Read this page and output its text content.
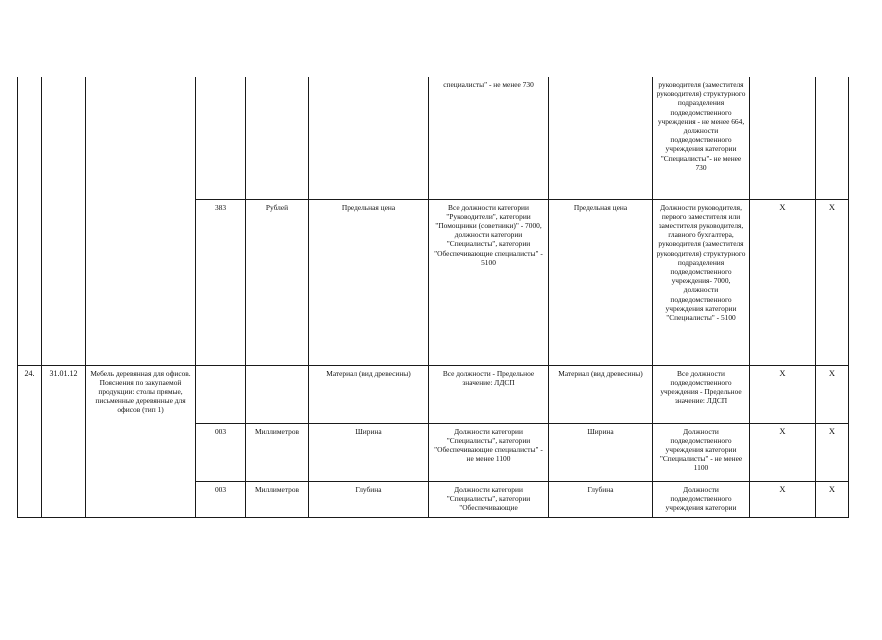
						специалисты" - не менее 730		руководителя (заместителя руководителя) структурного подразделения подведомственного учреждения - не менее 664, должности подведомственного учреждения категории "Специалисты"- не менее 730		
			383	Рублей	Предельная цена	Все должности категории "Руководители", категории "Помощники (советники)" - 7000, должности категории "Специалисты", категории "Обеспечивающие специалисты" - 5100	Предельная цена	Должности руководителя, первого заместителя или заместителя руководителя, главного бухгалтера, руководителя (заместителя руководителя) структурного подразделения подведомственного учреждения- 7000, должности подведомственного учреждения категории "Специалисты" - 5100	X	X
24.	31.01.12	Мебель деревянная для офисов. Пояснения по закупаемой продукции: столы прямые, письменные деревянные для офисов (тип 1)			Материал (вид древесины)	Все должности - Предельное значение: ЛДСП	Материал (вид древесины)	Все должности подведомственного учреждения - Предельное значение: ЛДСП	X	X
			003	Миллиметров	Ширина	Должности категории "Специалисты", категории "Обеспечивающие специалисты" - не менее 1100	Ширина	Должности подведомственного учреждения категории "Специалисты" - не менее 1100	X	X
			003	Миллиметров	Глубина	Должности категории "Специалисты", категории "Обеспечивающие	Глубина	Должности подведомственного учреждения категории	X	X
